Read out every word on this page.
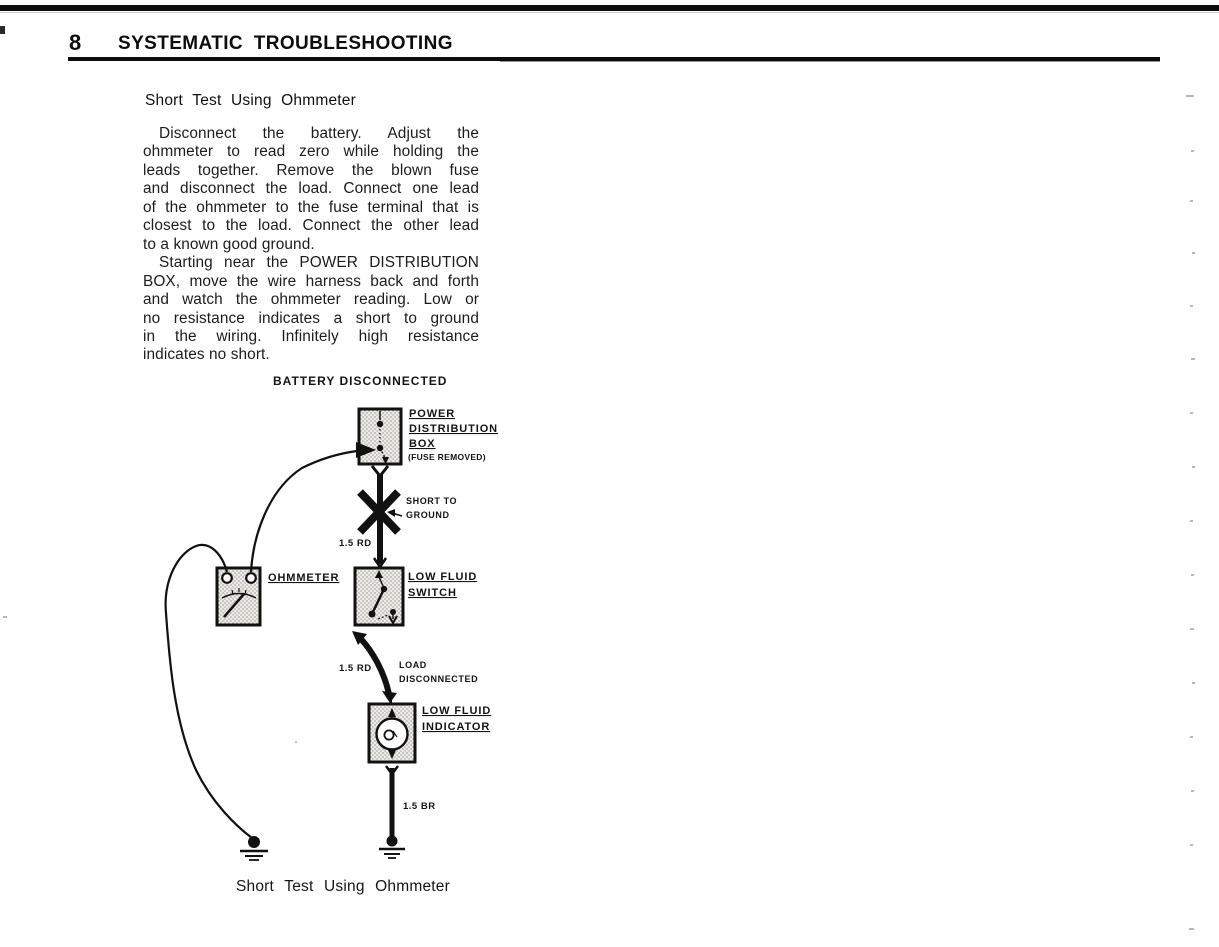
8 SYSTEMATIC TROUBLESHOOTING
Short Test Using Ohmmeter
Disconnect the battery. Adjust the
ohmmeter to read zero while holding the
leads together. Remove the blown fuse
and disconnect the load. Connect one lead
of the ohmmeter to the fuse terminal that is
closest to the load. Connect the other lead
to a known good ground.
Starting near the POWER DISTRIBUTION
BOX, move the wire harness back and forth
and watch the ohmmeter reading. Low or
no resistance indicates a short to ground
in the wiring. Infinitely high resistance
indicates no short.
BATTERY DISCONNECTED
POWER
DISTRIBUTION
BOX
(FUSE REMOVED)
SHORT TO
GROUND
1.5 RD
LOW FLUID
SWITCH
1.5 RD	LOAD
DISCONNECTED
LOW FLUID
INDICATOR
1.5 BR
OHMMETER
Short Test Using Ohmmeter
